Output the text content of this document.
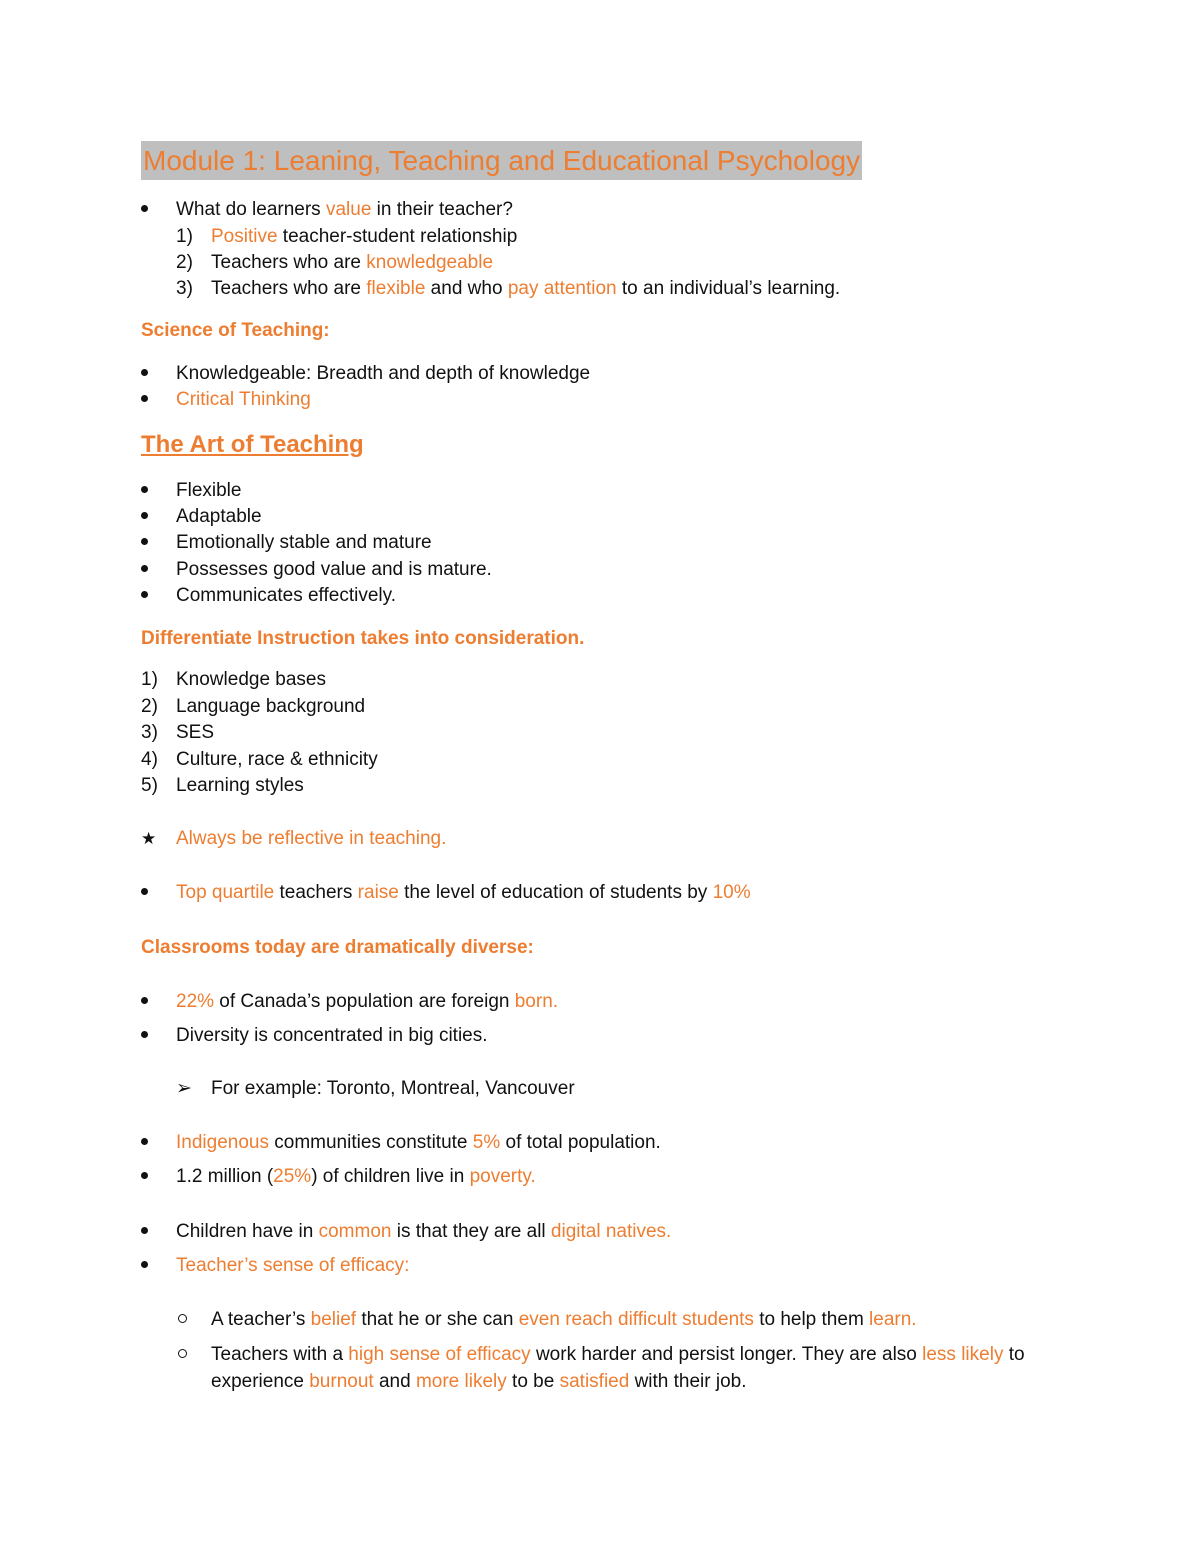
Module 1: Leaning, Teaching and Educational Psychology
What do learners value in their teacher?
1) Positive teacher-student relationship
2) Teachers who are knowledgeable
3) Teachers who are flexible and who pay attention to an individual’s learning.
Science of Teaching:
Knowledgeable: Breadth and depth of knowledge
Critical Thinking
The Art of Teaching
Flexible
Adaptable
Emotionally stable and mature
Possesses good value and is mature.
Communicates effectively.
Differentiate Instruction takes into consideration.
1) Knowledge bases
2) Language background
3) SES
4) Culture, race & ethnicity
5) Learning styles
★ Always be reflective in teaching.
Top quartile teachers raise the level of education of students by 10%
Classrooms today are dramatically diverse:
22% of Canada’s population are foreign born.
Diversity is concentrated in big cities.
➢ For example: Toronto, Montreal, Vancouver
Indigenous communities constitute 5% of total population.
1.2 million (25%) of children live in poverty.
Children have in common is that they are all digital natives.
Teacher’s sense of efficacy:
A teacher’s belief that he or she can even reach difficult students to help them learn.
Teachers with a high sense of efficacy work harder and persist longer. They are also less likely to
experience burnout and more likely to be satisfied with their job.
